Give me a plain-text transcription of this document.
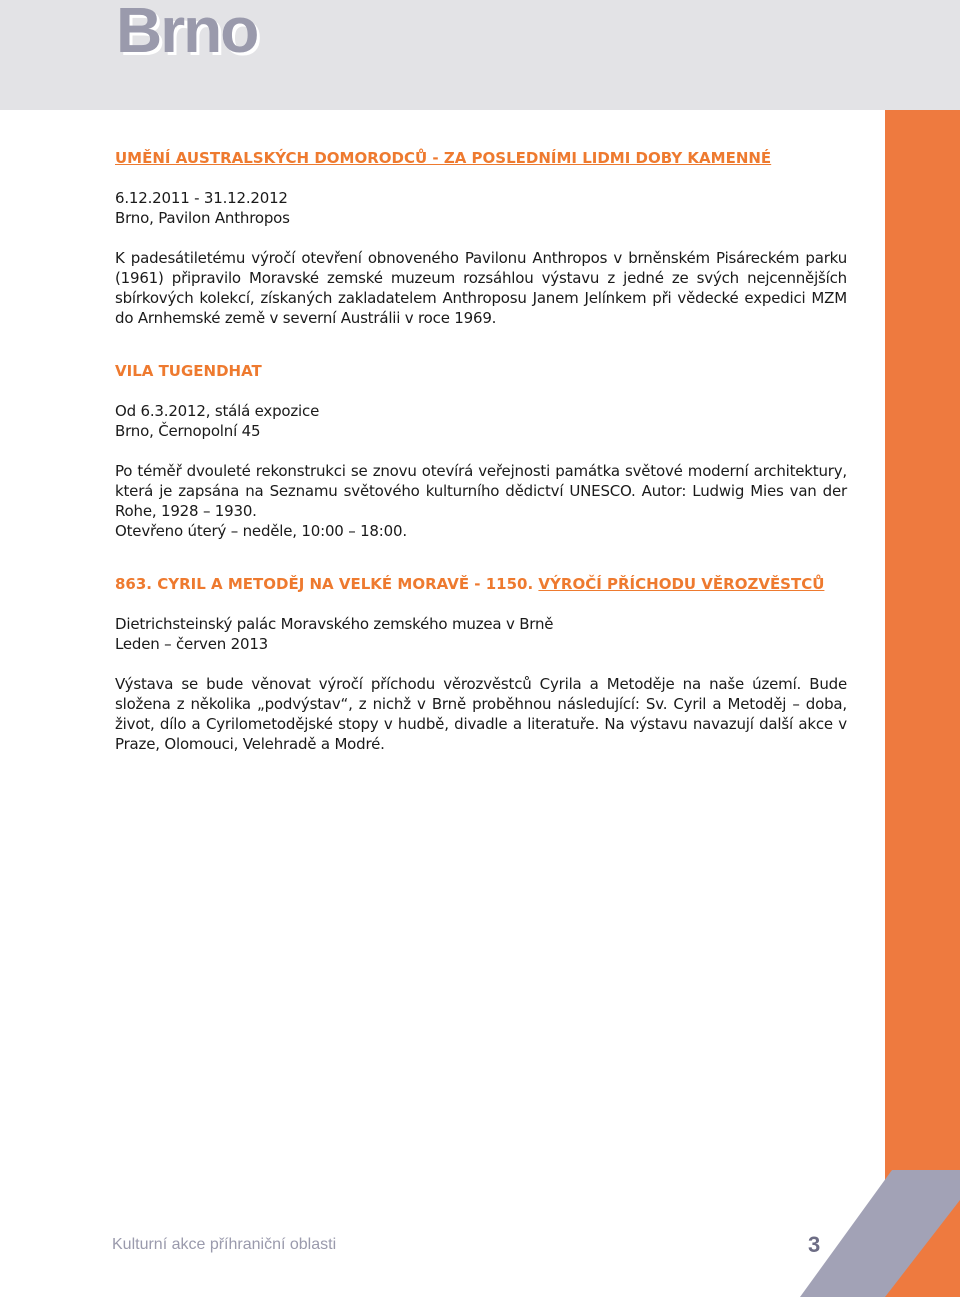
Brno

UMĚNÍ AUSTRALSKÝCH DOMORODCŮ - ZA POSLEDNÍMI LIDMI DOBY KAMENNÉ

6.12.2011 - 31.12.2012

Brno, Pavilon Anthropos

K padesátiletému výročí otevření obnoveného Pavilonu Anthropos v brněnském Pisáreckém parku (1961) připravilo Moravské zemské muzeum rozsáhlou výstavu z jedné ze svých nejcennějších sbírkových kolekcí, získaných zakladatelem Anthroposu Janem Jelínkem při vědecké expedici MZM do Arnhemské země v severní Austrálii v roce 1969.

VILA TUGENDHAT

Od 6.3.2012, stálá expozice

Brno, Černopolní 45

Po téměř dvouleté rekonstrukci se znovu otevírá veřejnosti památka světové moderní architektury, která je zapsána na Seznamu světového kulturního dědictví UNESCO. Autor: Ludwig Mies van der Rohe, 1928 – 1930.

Otevřeno úterý – neděle, 10:00 – 18:00.

863. CYRIL A METODĚJ NA VELKÉ MORAVĚ - 1150. VÝROČÍ PŘÍCHODU VĚROZVĚSTCŮ

Dietrichsteinský palác Moravského zemského muzea v Brně

Leden – červen 2013

Výstava se bude věnovat výročí příchodu věrozvěstců Cyrila a Metoděje na naše území. Bude složena z několika „podvýstav“, z nichž v Brně proběhnou následující: Sv. Cyril a Metoděj – doba, život, dílo a Cyrilometodějské stopy v hudbě, divadle a literatuře. Na výstavu navazují další akce v Praze, Olomouci, Velehradě a Modré.

Kulturní akce příhraniční oblasti	3
